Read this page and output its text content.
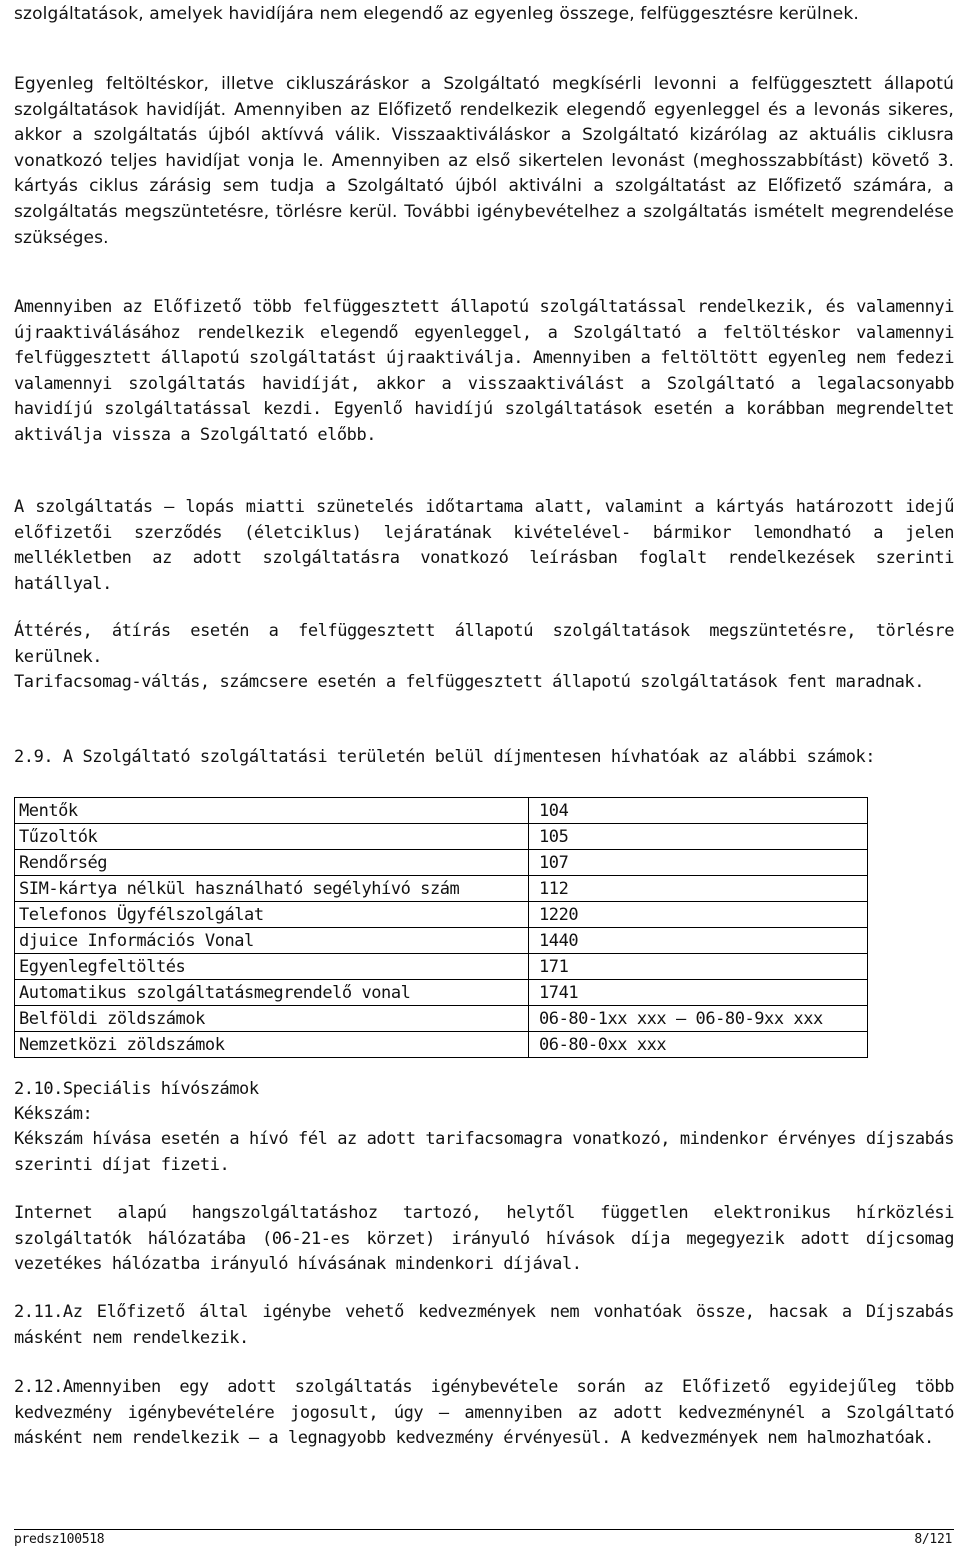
szolgáltatások, amelyek havidíjára nem elegendő az egyenleg összege, felfüggesztésre kerülnek.

Egyenleg feltöltéskor, illetve cikluszáráskor a Szolgáltató megkísérli levonni a felfüggesztett állapotú szolgáltatások havidíját. Amennyiben az Előfizető rendelkezik elegendő egyenleggel és a levonás sikeres, akkor a szolgáltatás újból aktívvá válik. Visszaaktiváláskor a Szolgáltató kizárólag az aktuális ciklusra vonatkozó teljes havidíjat vonja le. Amennyiben az első sikertelen levonást (meghosszabbítást) követő 3. kártyás ciklus zárásig sem tudja a Szolgáltató újból aktiválni a szolgáltatást az Előfizető számára, a szolgáltatás megszüntetésre, törlésre kerül. További igénybevételhez a szolgáltatás ismételt megrendelése szükséges.

Amennyiben az Előfizető több felfüggesztett állapotú szolgáltatással rendelkezik, és valamennyi újraaktiválásához rendelkezik elegendő egyenleggel, a Szolgáltató a feltöltéskor valamennyi felfüggesztett állapotú szolgáltatást újraaktiválja. Amennyiben a feltöltött egyenleg nem fedezi valamennyi szolgáltatás havidíját, akkor a visszaaktiválást a Szolgáltató a legalacsonyabb havidíjú szolgáltatással kezdi. Egyenlő havidíjú szolgáltatások esetén a korábban megrendeltet aktiválja vissza a Szolgáltató előbb.

A szolgáltatás — lopás miatti szünetelés időtartama alatt, valamint a kártyás határozott idejű előfizetői szerződés (életciklus) lejáratának kivételével- bármikor lemondható a jelen mellékletben az adott szolgáltatásra vonatkozó leírásban foglalt rendelkezések szerinti hatállyal.

Áttérés, átírás esetén a felfüggesztett állapotú szolgáltatások megszüntetésre, törlésre kerülnek.

Tarifacsomag-váltás, számcsere esetén a felfüggesztett állapotú szolgáltatások fent maradnak.

2.9. A Szolgáltató szolgáltatási területén belül díjmentesen hívhatóak az alábbi számok:

Mentők	104
Tűzoltók	105
Rendőrség	107
SIM-kártya nélkül használható segélyhívó szám	112
Telefonos Ügyfélszolgálat	1220
djuice Információs Vonal	1440
Egyenlegfeltöltés	171
Automatikus szolgáltatásmegrendelő vonal	1741
Belföldi zöldszámok	06-80-1xx xxx — 06-80-9xx xxx
Nemzetközi zöldszámok	06-80-0xx xxx

2.10.Speciális hívószámok

Kékszám:

Kékszám hívása esetén a hívó fél az adott tarifacsomagra vonatkozó, mindenkor érvényes díjszabás szerinti díjat fizeti.

Internet alapú hangszolgáltatáshoz tartozó, helytől független elektronikus hírközlési szolgáltatók hálózatába (06-21-es körzet) irányuló hívások díja megegyezik adott díjcsomag vezetékes hálózatba irányuló hívásának mindenkori díjával.

2.11.Az Előfizető által igénybe vehető kedvezmények nem vonhatóak össze, hacsak a Díjszabás másként nem rendelkezik.

2.12.Amennyiben egy adott szolgáltatás igénybevétele során az Előfizető egyidejűleg több kedvezmény igénybevételére jogosult, úgy — amennyiben az adott kedvezménynél a Szolgáltató másként nem rendelkezik — a legnagyobb kedvezmény érvényesül. A kedvezmények nem halmozhatóak.

predsz100518	8/121
